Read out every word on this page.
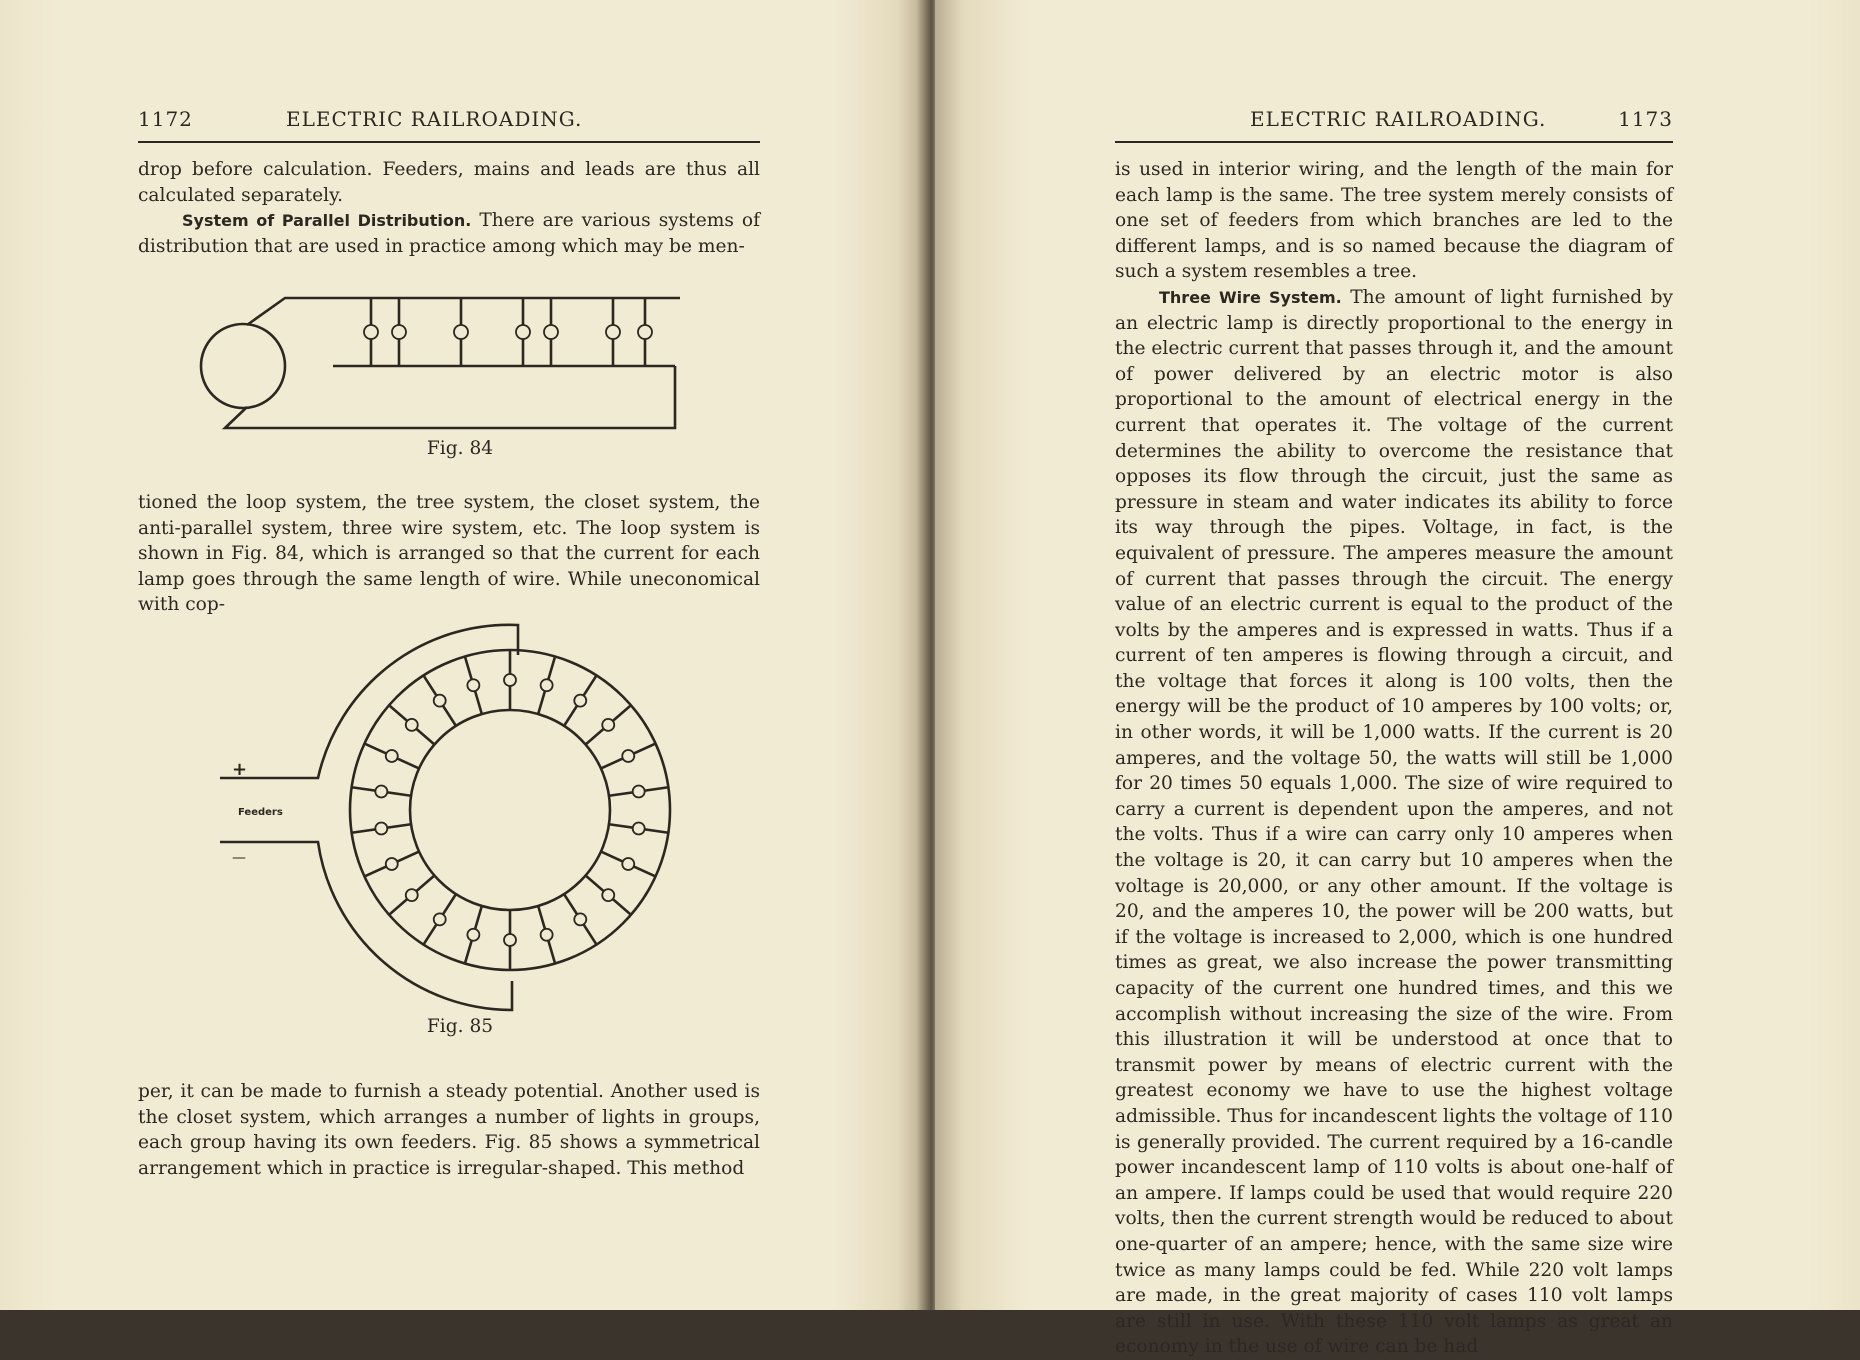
1172	ELECTRIC RAILROADING.

drop before calculation. Feeders, mains and leads are thus all calculated separately.

System of Parallel Distribution. There are various systems of distribution that are used in practice among which may be men-

Fig. 84
tioned the loop system, the tree system, the closet system, the anti-parallel system, three wire system, etc. The loop system is shown in Fig. 84, which is arranged so that the current for each lamp goes through the same length of wire. While uneconomical with cop-
+
—
Feeders
Fig. 85
per, it can be made to furnish a steady potential. Another used is the closet system, which arranges a number of lights in groups, each group having its own feeders. Fig. 85 shows a symmetrical arrangement which in practice is irregular-shaped. This method
ELECTRIC RAILROADING.	1173

is used in interior wiring, and the length of the main for each lamp is the same. The tree system merely consists of one set of feeders from which branches are led to the different lamps, and is so named because the diagram of such a system resembles a tree.

Three Wire System. The amount of light furnished by an electric lamp is directly proportional to the energy in the electric current that passes through it, and the amount of power delivered by an electric motor is also proportional to the amount of electrical energy in the current that operates it. The voltage of the current determines the ability to overcome the resistance that opposes its flow through the circuit, just the same as pressure in steam and water indicates its ability to force its way through the pipes. Voltage, in fact, is the equivalent of pressure. The amperes measure the amount of current that passes through the circuit. The energy value of an electric current is equal to the product of the volts by the amperes and is expressed in watts. Thus if a current of ten amperes is flowing through a circuit, and the voltage that forces it along is 100 volts, then the energy will be the product of 10 amperes by 100 volts; or, in other words, it will be 1,000 watts. If the current is 20 amperes, and the voltage 50, the watts will still be 1,000 for 20 times 50 equals 1,000. The size of wire required to carry a current is dependent upon the amperes, and not the volts. Thus if a wire can carry only 10 amperes when the voltage is 20, it can carry but 10 amperes when the voltage is 20,000, or any other amount. If the voltage is 20, and the amperes 10, the power will be 200 watts, but if the voltage is increased to 2,000, which is one hundred times as great, we also increase the power transmitting capacity of the current one hundred times, and this we accomplish without increasing the size of the wire. From this illustration it will be understood at once that to transmit power by means of electric current with the greatest economy we have to use the highest voltage admissible. Thus for incandescent lights the voltage of 110 is generally provided. The current required by a 16-candle power incandescent lamp of 110 volts is about one-half of an ampere. If lamps could be used that would require 220 volts, then the current strength would be reduced to about one-quarter of an ampere; hence, with the same size wire twice as many lamps could be fed. While 220 volt lamps are made, in the great majority of cases 110 volt lamps are still in use. With these 110 volt lamps as great an economy in the use of wire can be had
